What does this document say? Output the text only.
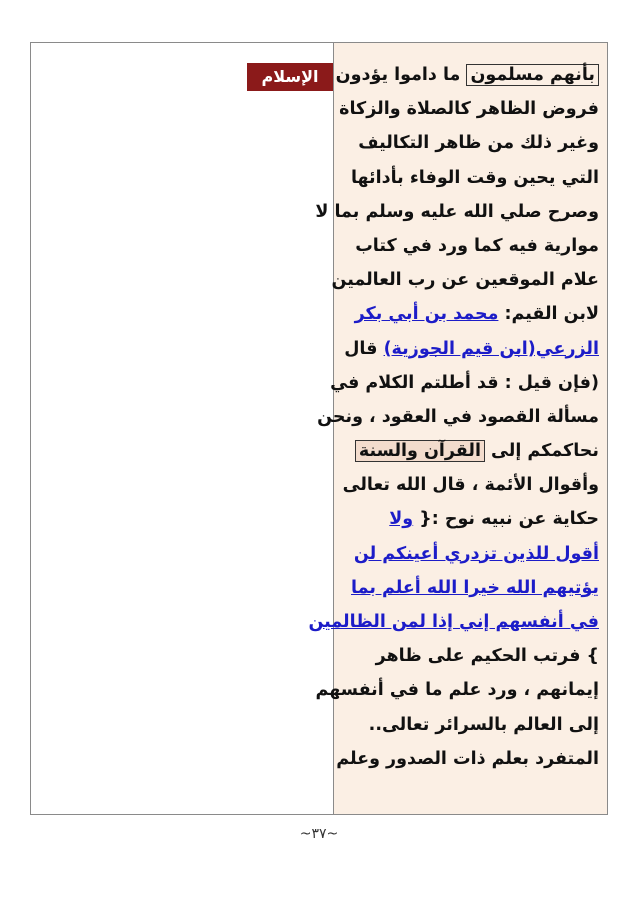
الإسلام	بأنهم مسلمون ما داموا يؤدون
فروض الظاهر كالصلاة والزكاة
وغير ذلك من ظاهر التكاليف
التي يحين وقت الوفاء بأدائها
وصرح صلي الله عليه وسلم بما لا
موارية فيه كما ورد في كتاب
علام الموقعين عن رب العالمين
لابن القيم: محمد بن أبي بكر
الزرعي(ابن قيم الجوزية) قال
(فإن قيل : قد أطلتم الكلام في
مسألة القصود في العقود ، ونحن
نحاكمكم إلى القرآن والسنة
وأقوال الأئمة ، قال الله تعالى
حكاية عن نبيه نوح :{ ولا
أقول للذين تزدري أعينكم لن
يؤتيهم الله خيرا الله أعلم بما
في أنفسهم إني إذا لمن الظالمين
} فرتب الحكيم على ظاهر
إيمانهم ، ورد علم ما في أنفسهم
إلى العالم بالسرائر تعالى..
المتفرد بعلم ذات الصدور وعلم
~٣٧~
